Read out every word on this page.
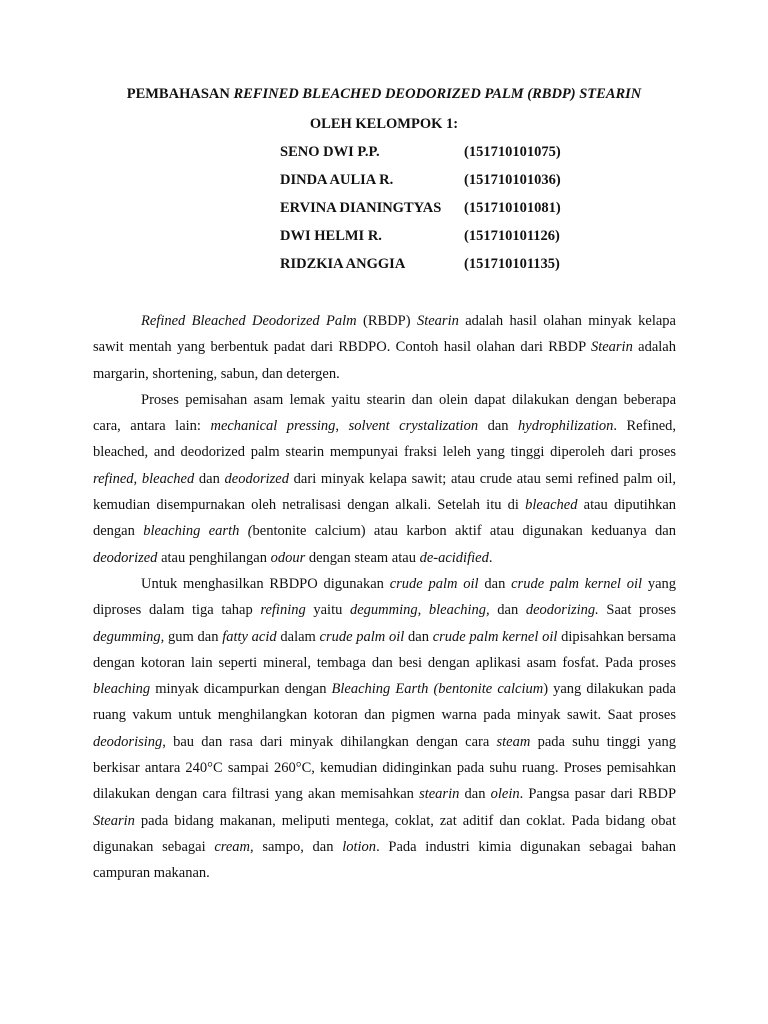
PEMBAHASAN REFINED BLEACHED DEODORIZED PALM (RBDP) STEARIN
OLEH KELOMPOK 1:
SENO DWI P.P.	(151710101075)
DINDA AULIA R.	(151710101036)
ERVINA DIANINGTYAS (151710101081)
DWI HELMI R.	(151710101126)
RIDZKIA ANGGIA	(151710101135)

Refined Bleached Deodorized Palm (RBDP) Stearin adalah hasil olahan minyak kelapa sawit mentah yang berbentuk padat dari RBDPO. Contoh hasil olahan dari RBDP Stearin adalah margarin, shortening, sabun, dan detergen.

Proses pemisahan asam lemak yaitu stearin dan olein dapat dilakukan dengan beberapa cara, antara lain: mechanical pressing, solvent crystalization dan hydrophilization. Refined, bleached, and deodorized palm stearin mempunyai fraksi leleh yang tinggi diperoleh dari proses refined, bleached dan deodorized dari minyak kelapa sawit; atau crude atau semi refined palm oil, kemudian disempurnakan oleh netralisasi dengan alkali. Setelah itu di bleached atau diputihkan dengan bleaching earth (bentonite calcium) atau karbon aktif atau digunakan keduanya dan deodorized atau penghilangan odour dengan steam atau de-acidified.

Untuk menghasilkan RBDPO digunakan crude palm oil dan crude palm kernel oil yang diproses dalam tiga tahap refining yaitu degumming, bleaching, dan deodorizing. Saat proses degumming, gum dan fatty acid dalam crude palm oil dan crude palm kernel oil dipisahkan bersama dengan kotoran lain seperti mineral, tembaga dan besi dengan aplikasi asam fosfat. Pada proses bleaching minyak dicampurkan dengan Bleaching Earth (bentonite calcium) yang dilakukan pada ruang vakum untuk menghilangkan kotoran dan pigmen warna pada minyak sawit. Saat proses deodorising, bau dan rasa dari minyak dihilangkan dengan cara steam pada suhu tinggi yang berkisar antara 240°C sampai 260°C, kemudian didinginkan pada suhu ruang. Proses pemisahkan dilakukan dengan cara filtrasi yang akan memisahkan stearin dan olein. Pangsa pasar dari RBDP Stearin pada bidang makanan, meliputi mentega, coklat, zat aditif dan coklat. Pada bidang obat digunakan sebagai cream, sampo, dan lotion. Pada industri kimia digunakan sebagai bahan campuran makanan.
